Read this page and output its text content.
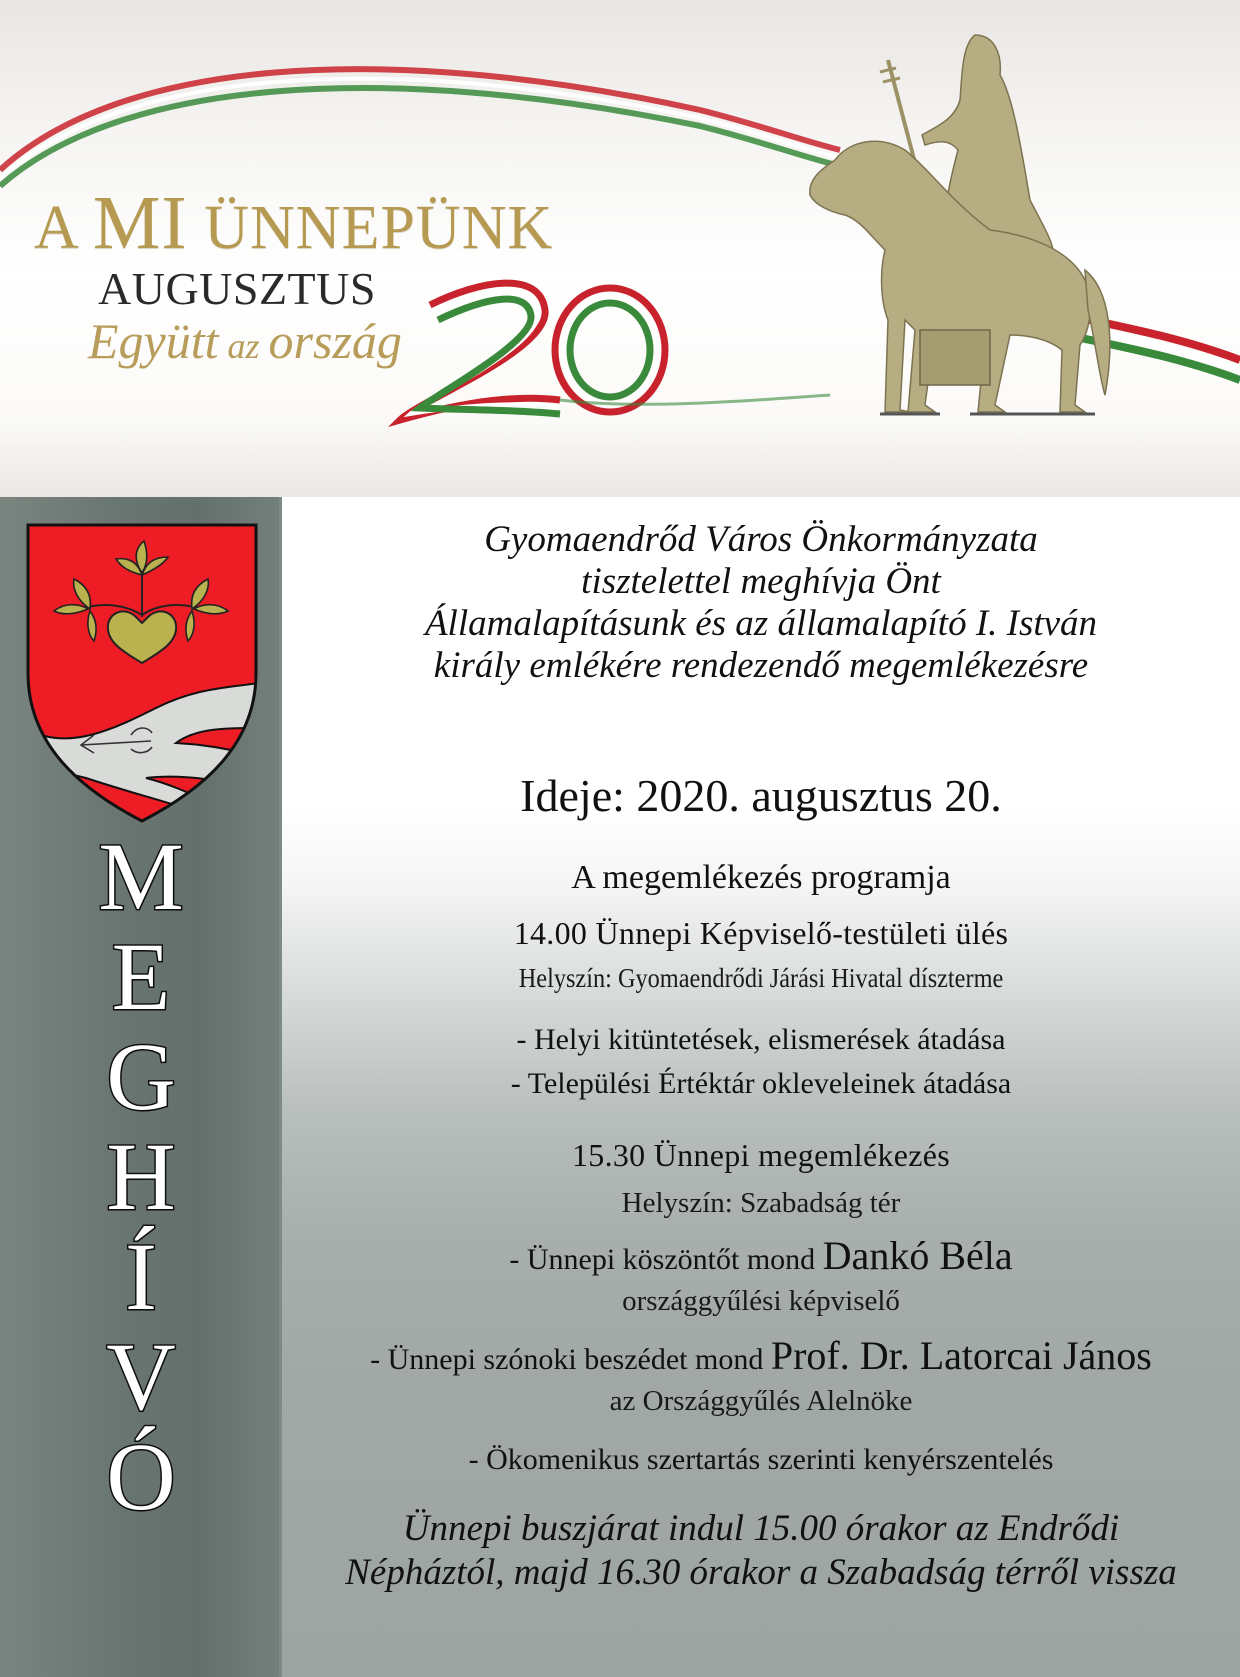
A MI ÜNNEPÜNK
AUGUSZTUS
Együtt az ország
M
E
G
H
Í
V
Ó
Gyomaendrőd Város Önkormányzata
tisztelettel meghívja Önt
Államalapításunk és az államalapító I. István
király emlékére rendezendő megemlékezésre
Ideje: 2020. augusztus 20.
A megemlékezés programja
14.00 Ünnepi Képviselő-testületi ülés
Helyszín: Gyomaendrődi Járási Hivatal díszterme
- Helyi kitüntetések, elismerések átadása
- Települési Értéktár okleveleinek átadása
15.30 Ünnepi megemlékezés
Helyszín: Szabadság tér
- Ünnepi köszöntőt mond Dankó Béla
országgyűlési képviselő
- Ünnepi szónoki beszédet mond Prof. Dr. Latorcai János
az Országgyűlés Alelnöke
- Ökomenikus szertartás szerinti kenyérszentelés
Ünnepi buszjárat indul 15.00 órakor az Endrődi
Népháztól, majd 16.30 órakor a Szabadság térről vissza
